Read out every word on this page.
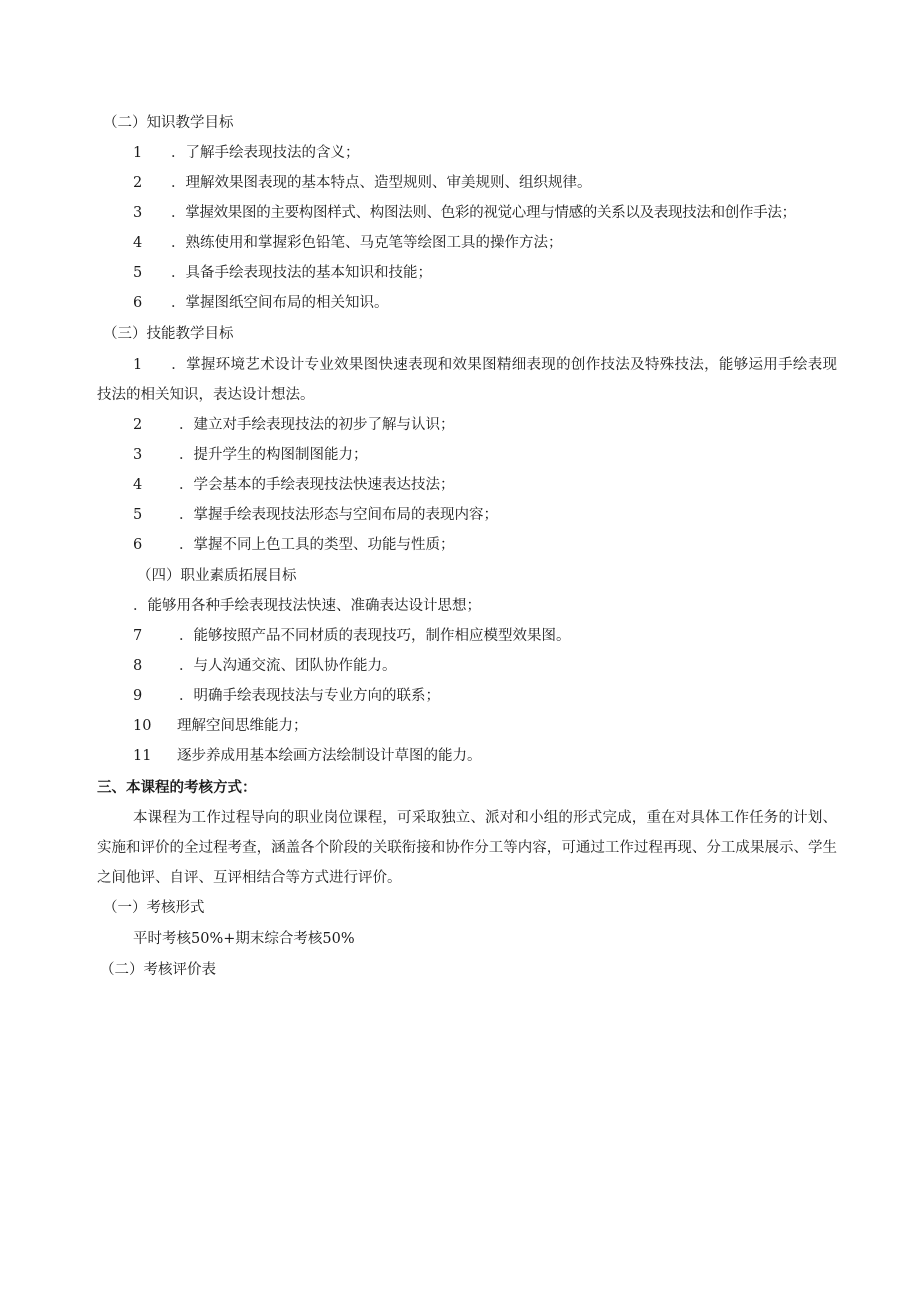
（二）知识教学目标
1 ．了解手绘表现技法的含义；
2 ．理解效果图表现的基本特点、造型规则、审美规则、组织规律。
3 ．掌握效果图的主要构图样式、构图法则、色彩的视觉心理与情感的关系以及表现技法和创作手法；
4 ．熟练使用和掌握彩色铅笔、马克笔等绘图工具的操作方法；
5 ．具备手绘表现技法的基本知识和技能；
6 ．掌握图纸空间布局的相关知识。
（三）技能教学目标
1 ．掌握环境艺术设计专业效果图快速表现和效果图精细表现的创作技法及特殊技法，能够运用手绘表现技法的相关知识，表达设计想法。
2	．建立对手绘表现技法的初步了解与认识；
3	．提升学生的构图制图能力；
4	．学会基本的手绘表现技法快速表达技法；
5	．掌握手绘表现技法形态与空间布局的表现内容；
6	．掌握不同上色工具的类型、功能与性质；
（四）职业素质拓展目标
．能够用各种手绘表现技法快速、准确表达设计思想；
7	．能够按照产品不同材质的表现技巧，制作相应模型效果图。
8	．与人沟通交流、团队协作能力。
9	．明确手绘表现技法与专业方向的联系；
10 理解空间思维能力；
11 逐步养成用基本绘画方法绘制设计草图的能力。
三、本课程的考核方式：
本课程为工作过程导向的职业岗位课程，可采取独立、派对和小组的形式完成，重在对具体工作任务的计划、实施和评价的全过程考查，涵盖各个阶段的关联衔接和协作分工等内容，可通过工作过程再现、分工成果展示、学生之间他评、自评、互评相结合等方式进行评价。
（一）考核形式
平时考核50%+期末综合考核50%
（二）考核评价表
